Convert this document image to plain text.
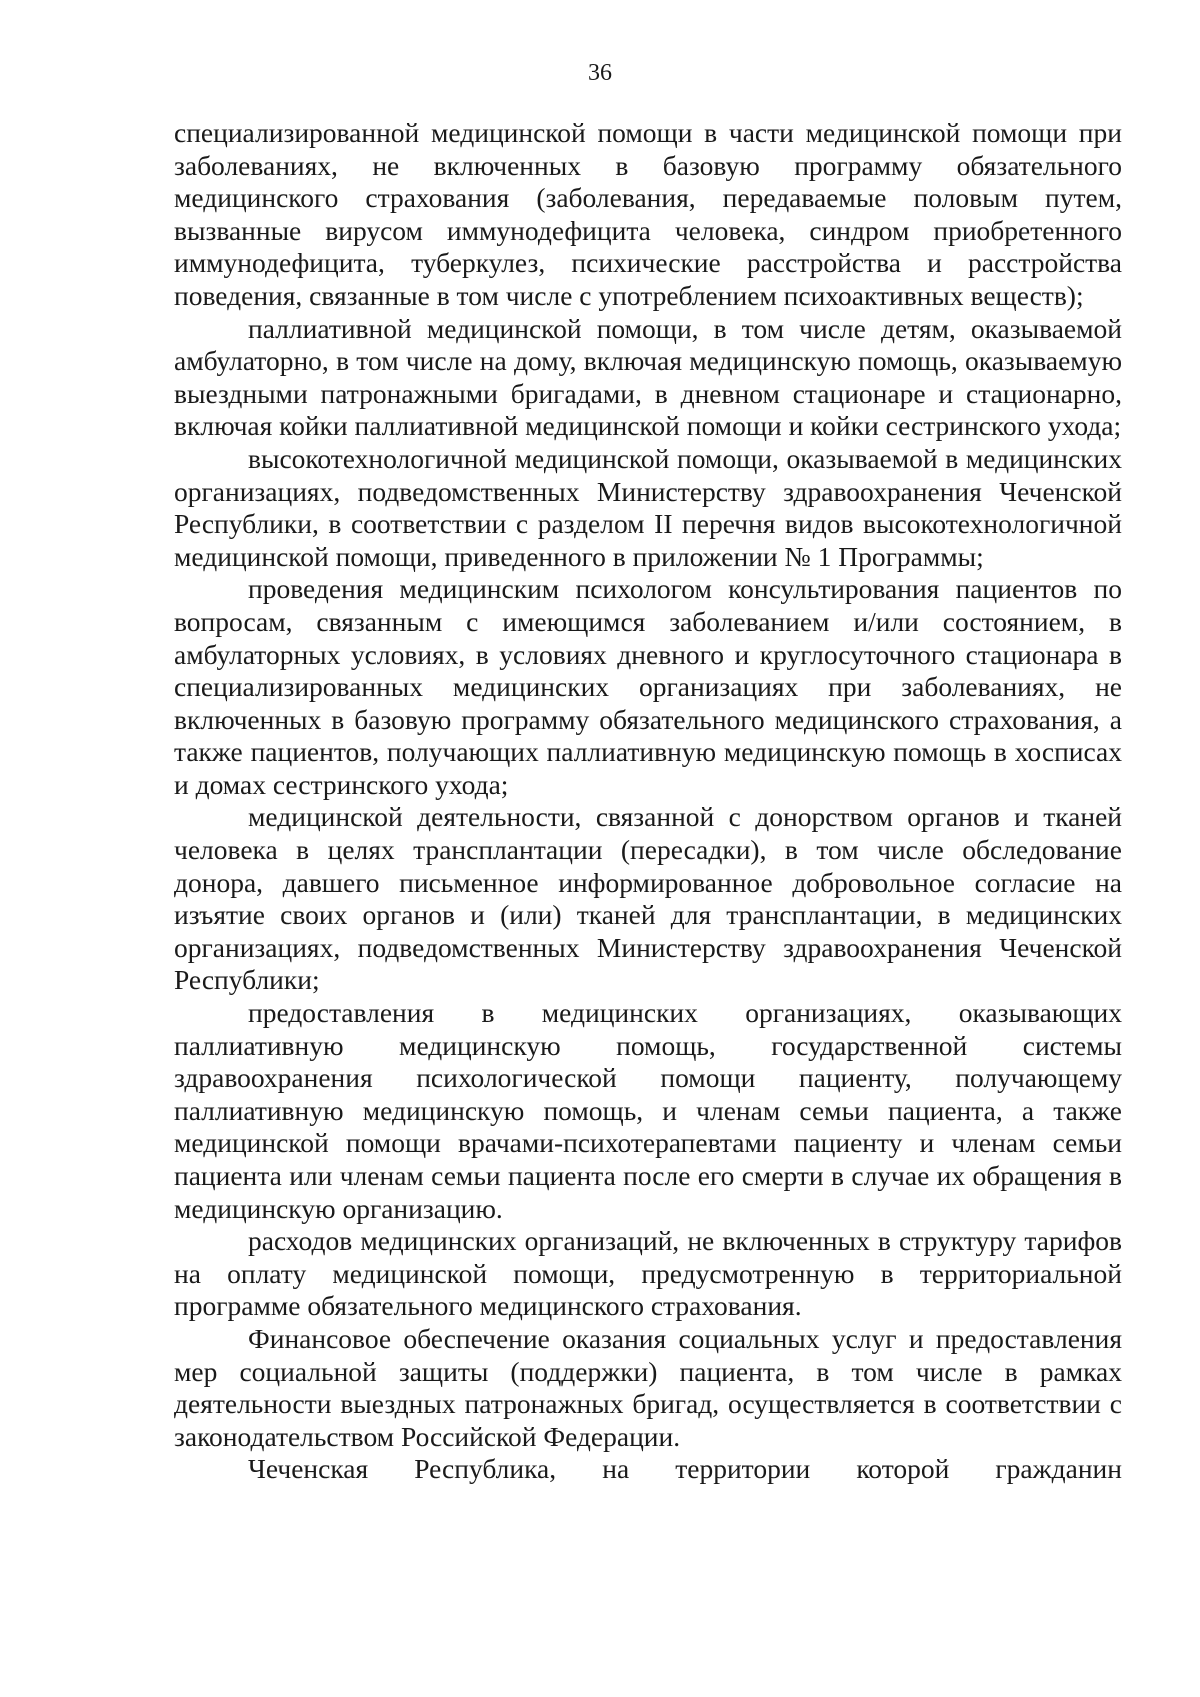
36

специализированной медицинской помощи в части медицинской помощи при заболеваниях, не включенных в базовую программу обязательного медицинского страхования (заболевания, передаваемые половым путем, вызванные вирусом иммунодефицита человека, синдром приобретенного иммунодефицита, туберкулез, психические расстройства и расстройства поведения, связанные в том числе с употреблением психоактивных веществ);

паллиативной медицинской помощи, в том числе детям, оказываемой амбулаторно, в том числе на дому, включая медицинскую помощь, оказываемую выездными патронажными бригадами, в дневном стационаре и стационарно, включая койки паллиативной медицинской помощи и койки сестринского ухода;

высокотехнологичной медицинской помощи, оказываемой в медицинских организациях, подведомственных Министерству здравоохранения Чеченской Республики, в соответствии с разделом II перечня видов высокотехнологичной медицинской помощи, приведенного в приложении № 1 Программы;

проведения медицинским психологом консультирования пациентов по вопросам, связанным с имеющимся заболеванием и/или состоянием, в амбулаторных условиях, в условиях дневного и круглосуточного стационара в специализированных медицинских организациях при заболеваниях, не включенных в базовую программу обязательного медицинского страхования, а также пациентов, получающих паллиативную медицинскую помощь в хосписах и домах сестринского ухода;

медицинской деятельности, связанной с донорством органов и тканей человека в целях трансплантации (пересадки), в том числе обследование донора, давшего письменное информированное добровольное согласие на изъятие своих органов и (или) тканей для трансплантации, в медицинских организациях, подведомственных Министерству здравоохранения Чеченской Республики;

предоставления в медицинских организациях, оказывающих паллиативную медицинскую помощь, государственной системы здравоохранения психологической помощи пациенту, получающему паллиативную медицинскую помощь, и членам семьи пациента, а также медицинской помощи врачами-психотерапевтами пациенту и членам семьи пациента или членам семьи пациента после его смерти в случае их обращения в медицинскую организацию.

расходов медицинских организаций, не включенных в структуру тарифов на оплату медицинской помощи, предусмотренную в территориальной программе обязательного медицинского страхования.

Финансовое обеспечение оказания социальных услуг и предоставления мер социальной защиты (поддержки) пациента, в том числе в рамках деятельности выездных патронажных бригад, осуществляется в соответствии с законодательством Российской Федерации.

Чеченская Республика, на территории которой гражданин
